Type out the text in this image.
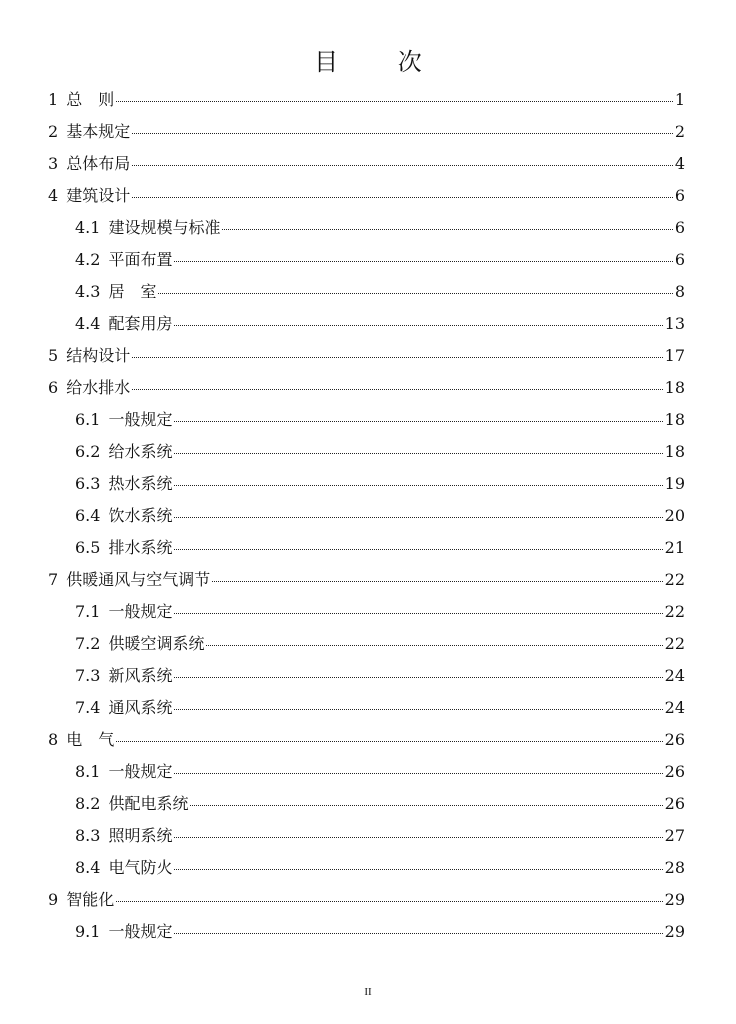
目 次
1 总　则	1
2 基本规定	2
3 总体布局	4
4 建筑设计	6
4.1 建设规模与标准	6
4.2 平面布置	6
4.3 居　室	8
4.4 配套用房	13
5 结构设计	17
6 给水排水	18
6.1 一般规定	18
6.2 给水系统	18
6.3 热水系统	19
6.4 饮水系统	20
6.5 排水系统	21
7 供暖通风与空气调节	22
7.1 一般规定	22
7.2 供暖空调系统	22
7.3 新风系统	24
7.4 通风系统	24
8 电　气	26
8.1 一般规定	26
8.2 供配电系统	26
8.3 照明系统	27
8.4 电气防火	28
9 智能化	29
9.1 一般规定	29
II
